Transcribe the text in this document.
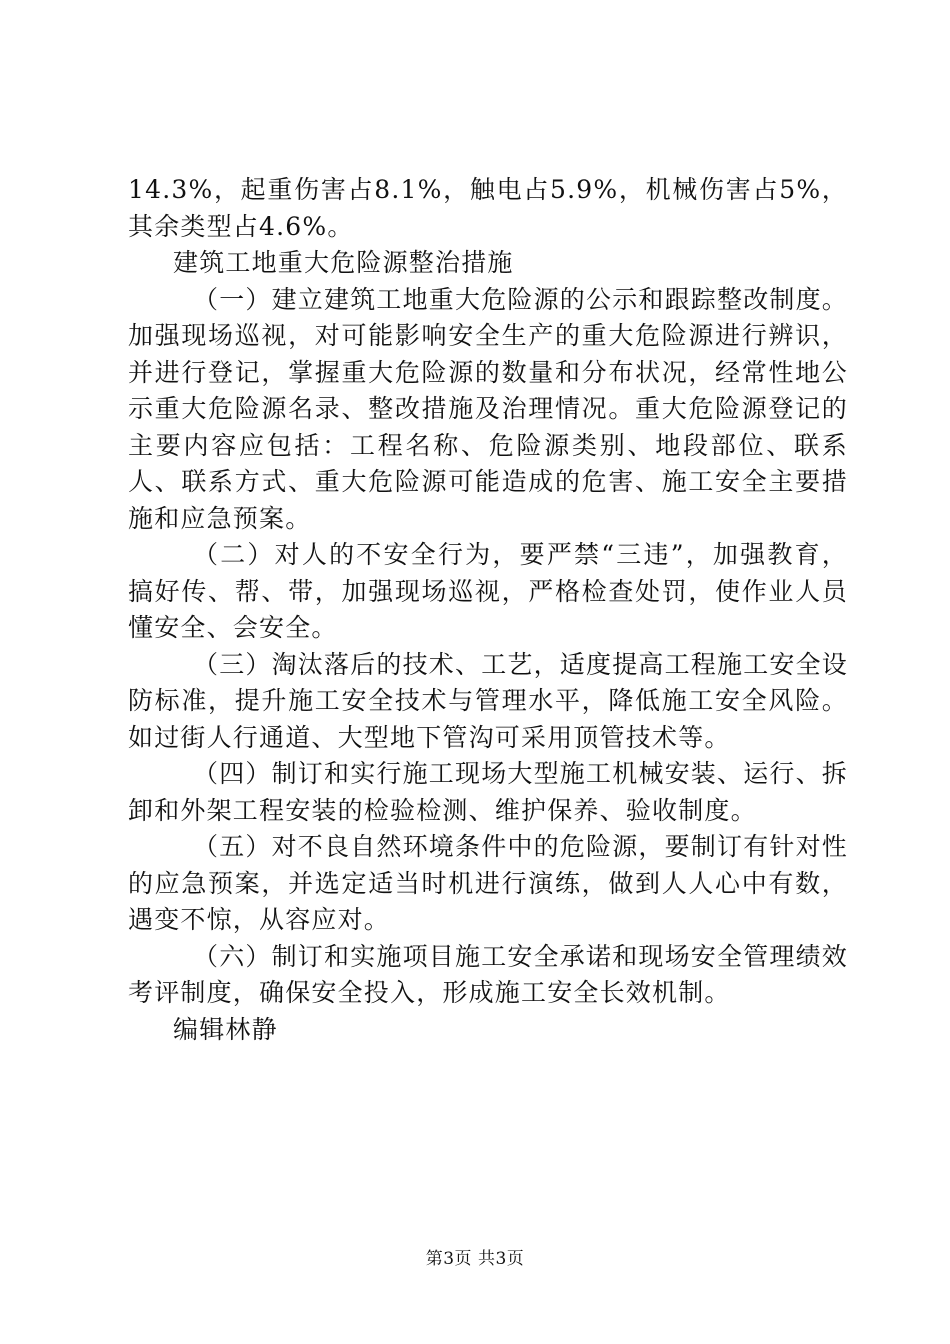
14.3%，起重伤害占8.1%，触电占5.9%，机械伤害占5%，其余类型占4.6%。

建筑工地重大危险源整治措施

（一）建立建筑工地重大危险源的公示和跟踪整改制度。加强现场巡视，对可能影响安全生产的重大危险源进行辨识，并进行登记，掌握重大危险源的数量和分布状况，经常性地公示重大危险源名录、整改措施及治理情况。重大危险源登记的主要内容应包括：工程名称、危险源类别、地段部位、联系人、联系方式、重大危险源可能造成的危害、施工安全主要措施和应急预案。

（二）对人的不安全行为，要严禁“三违”，加强教育，搞好传、帮、带，加强现场巡视，严格检查处罚，使作业人员懂安全、会安全。

（三）淘汰落后的技术、工艺，适度提高工程施工安全设防标准，提升施工安全技术与管理水平，降低施工安全风险。如过街人行通道、大型地下管沟可采用顶管技术等。

（四）制订和实行施工现场大型施工机械安装、运行、拆卸和外架工程安装的检验检测、维护保养、验收制度。

（五）对不良自然环境条件中的危险源，要制订有针对性的应急预案，并选定适当时机进行演练，做到人人心中有数，遇变不惊，从容应对。

（六）制订和实施项目施工安全承诺和现场安全管理绩效考评制度，确保安全投入，形成施工安全长效机制。

编辑林静

第3页 共3页
